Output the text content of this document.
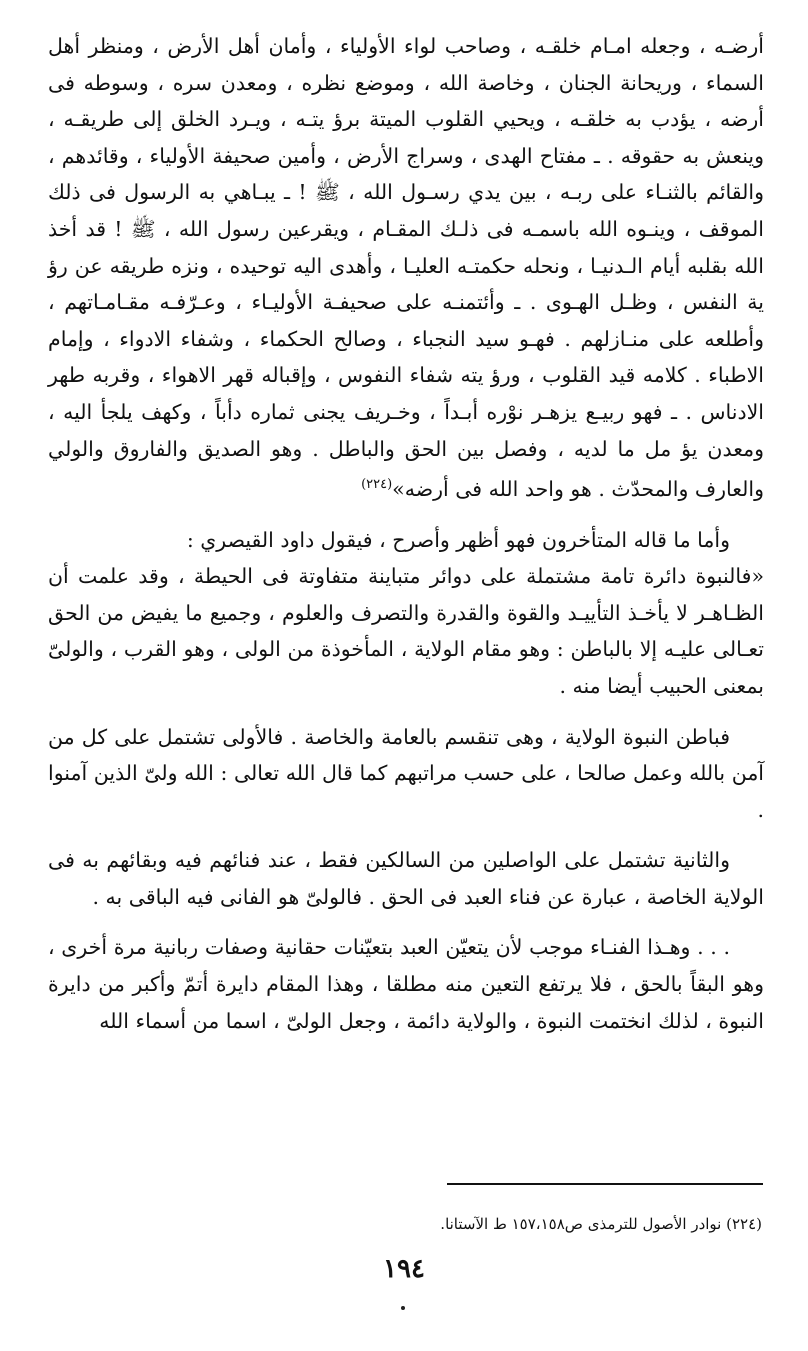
أرضـه ، وجعله امـام خلقـه ، وصاحب لواء الأولياء ، وأمان أهل الأرض ، ومنظر أهل السماء ، وريحانة الجنان ، وخاصة الله ، وموضع نظره ، ومعدن سره ، وسوطه فى أرضه ، يؤدب به خلقـه ، ويحيي القلوب الميتة برؤ يتـه ، ويـرد الخلق إلى طريقـه ، وينعش به حقوقه . ـ مفتاح الهدى ، وسراج الأرض ، وأمين صحيفة الأولياء ، وقائدهم ، والقائم بالثنـاء على ربـه ، بين يدي رسـول الله ، ﷺ ! ـ يبـاهي به الرسول فى ذلك الموقف ، وينـوه الله باسمـه فى ذلـك المقـام ، ويقرعين رسول الله ، ﷺ ! قد أخذ الله بقلبه أيام الـدنيـا ، ونحله حكمتـه العليـا ، وأهدى اليه توحيده ، ونزه طريقه عن رؤ ية النفس ، وظـل الهـوى . ـ وأئتمنـه على صحيفـة الأوليـاء ، وعـرّفـه مقـامـاتهم ، وأطلعه على منـازلهم . فهـو سيد النجباء ، وصالح الحكماء ، وشفاء الادواء ، وإمام الاطباء . كلامه قيد القلوب ، ورؤ يته شفاء النفوس ، وإقباله قهر الاهواء ، وقربه طهر الادناس . ـ فهو ربيـع يزهـر نوْره أبـداً ، وخـريف يجنى ثماره دأباً ، وكهف يلجأ اليه ، ومعدن يؤ مل ما لديه ، وفصل بين الحق والباطل . وهو الصديق والفاروق والولي والعارف والمحدّث . هو واحد الله فى أرضه»$^{(٢٢٤)}$

وأما ما قاله المتأخرون فهو أظهر وأصرح ، فيقول داود القيصري :

«فالنبوة دائرة تامة مشتملة على دوائر متباينة متفاوتة فى الحيطة ، وقد علمت أن الظـاهـر لا يأخـذ التأييـد والقوة والقدرة والتصرف والعلوم ، وجميع ما يفيض من الحق تعـالى عليـه إلا بالباطن : وهو مقام الولاية ، المأخوذة من الولى ، وهو القرب ، والولىّ بمعنى الحبيب أيضا منه .

فباطن النبوة الولاية ، وهى تنقسم بالعامة والخاصة . فالأولى تشتمل على كل من آمن بالله وعمل صالحا ، على حسب مراتبهم كما قال الله تعالى : الله ولىّ الذين آمنوا .

والثانية تشتمل على الواصلين من السالكين فقط ، عند فنائهم فيه وبقائهم به فى الولاية الخاصة ، عبارة عن فناء العبد فى الحق . فالولىّ هو الفانى فيه الباقى به .

. . . وهـذا الفنـاء موجب لأن يتعيّن العبد بتعيّنات حقانية وصفات ربانية مرة أخرى ، وهو البقاً بالحق ، فلا يرتفع التعين منه مطلقا ، وهذا المقام دايرة أتمّ وأكبر من دايرة النبوة ، لذلك انختمت النبوة ، والولاية دائمة ، وجعل الولىّ ، اسما من أسماء الله

(٢٢٤) نوادر الأصول للترمذى ص١٥٧،١٥٨ ط الآستانا.
١٩٤
